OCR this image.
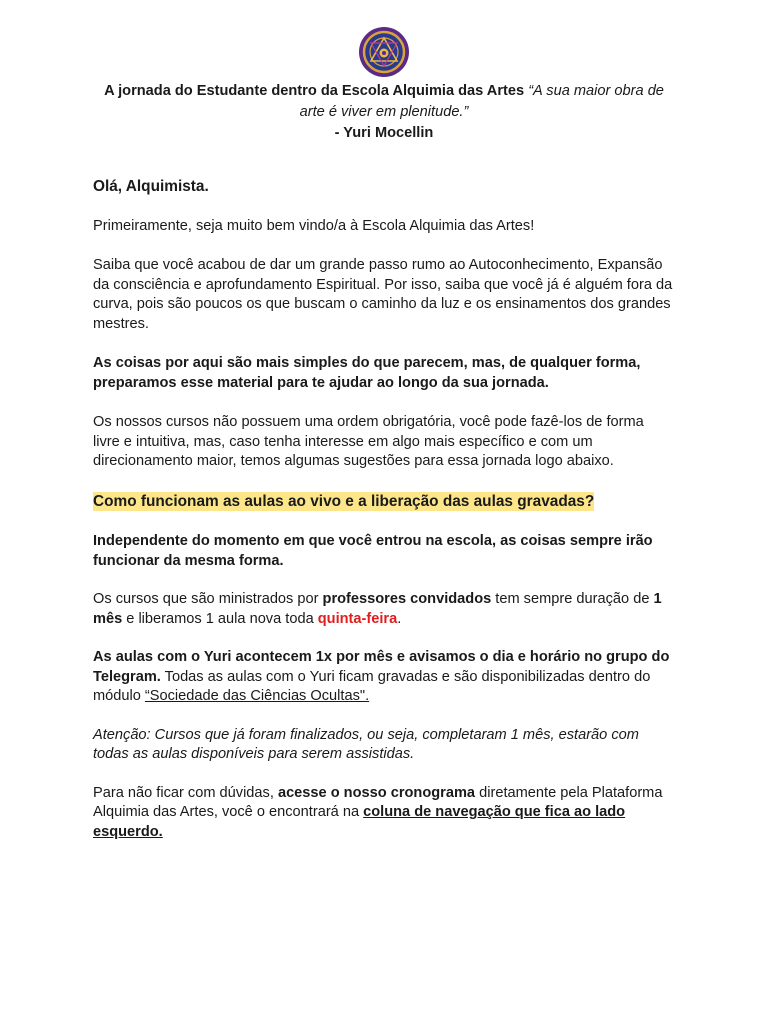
A jornada do Estudante dentro da Escola Alquimia das Artes “A sua maior obra de arte é viver em plenitude.”
- Yuri Mocellin

Olá, Alquimista.

Primeiramente, seja muito bem vindo/a à Escola Alquimia das Artes!

Saiba que você acabou de dar um grande passo rumo ao Autoconhecimento, Expansão da consciência e aprofundamento Espiritual. Por isso, saiba que você já é alguém fora da curva, pois são poucos os que buscam o caminho da luz e os ensinamentos dos grandes mestres.

As coisas por aqui são mais simples do que parecem, mas, de qualquer forma, preparamos esse material para te ajudar ao longo da sua jornada.

Os nossos cursos não possuem uma ordem obrigatória, você pode fazê-los de forma livre e intuitiva, mas, caso tenha interesse em algo mais específico e com um direcionamento maior, temos algumas sugestões para essa jornada logo abaixo.

Como funcionam as aulas ao vivo e a liberação das aulas gravadas?

Independente do momento em que você entrou na escola, as coisas sempre irão funcionar da mesma forma.

Os cursos que são ministrados por professores convidados tem sempre duração de 1 mês e liberamos 1 aula nova toda quinta-feira.

As aulas com o Yuri acontecem 1x por mês e avisamos o dia e horário no grupo do Telegram. Todas as aulas com o Yuri ficam gravadas e são disponibilizadas dentro do módulo “Sociedade das Ciências Ocultas".

Atenção: Cursos que já foram finalizados, ou seja, completaram 1 mês, estarão com todas as aulas disponíveis para serem assistidas.

Para não ficar com dúvidas, acesse o nosso cronograma diretamente pela Plataforma Alquimia das Artes, você o encontrará na coluna de navegação que fica ao lado esquerdo.
